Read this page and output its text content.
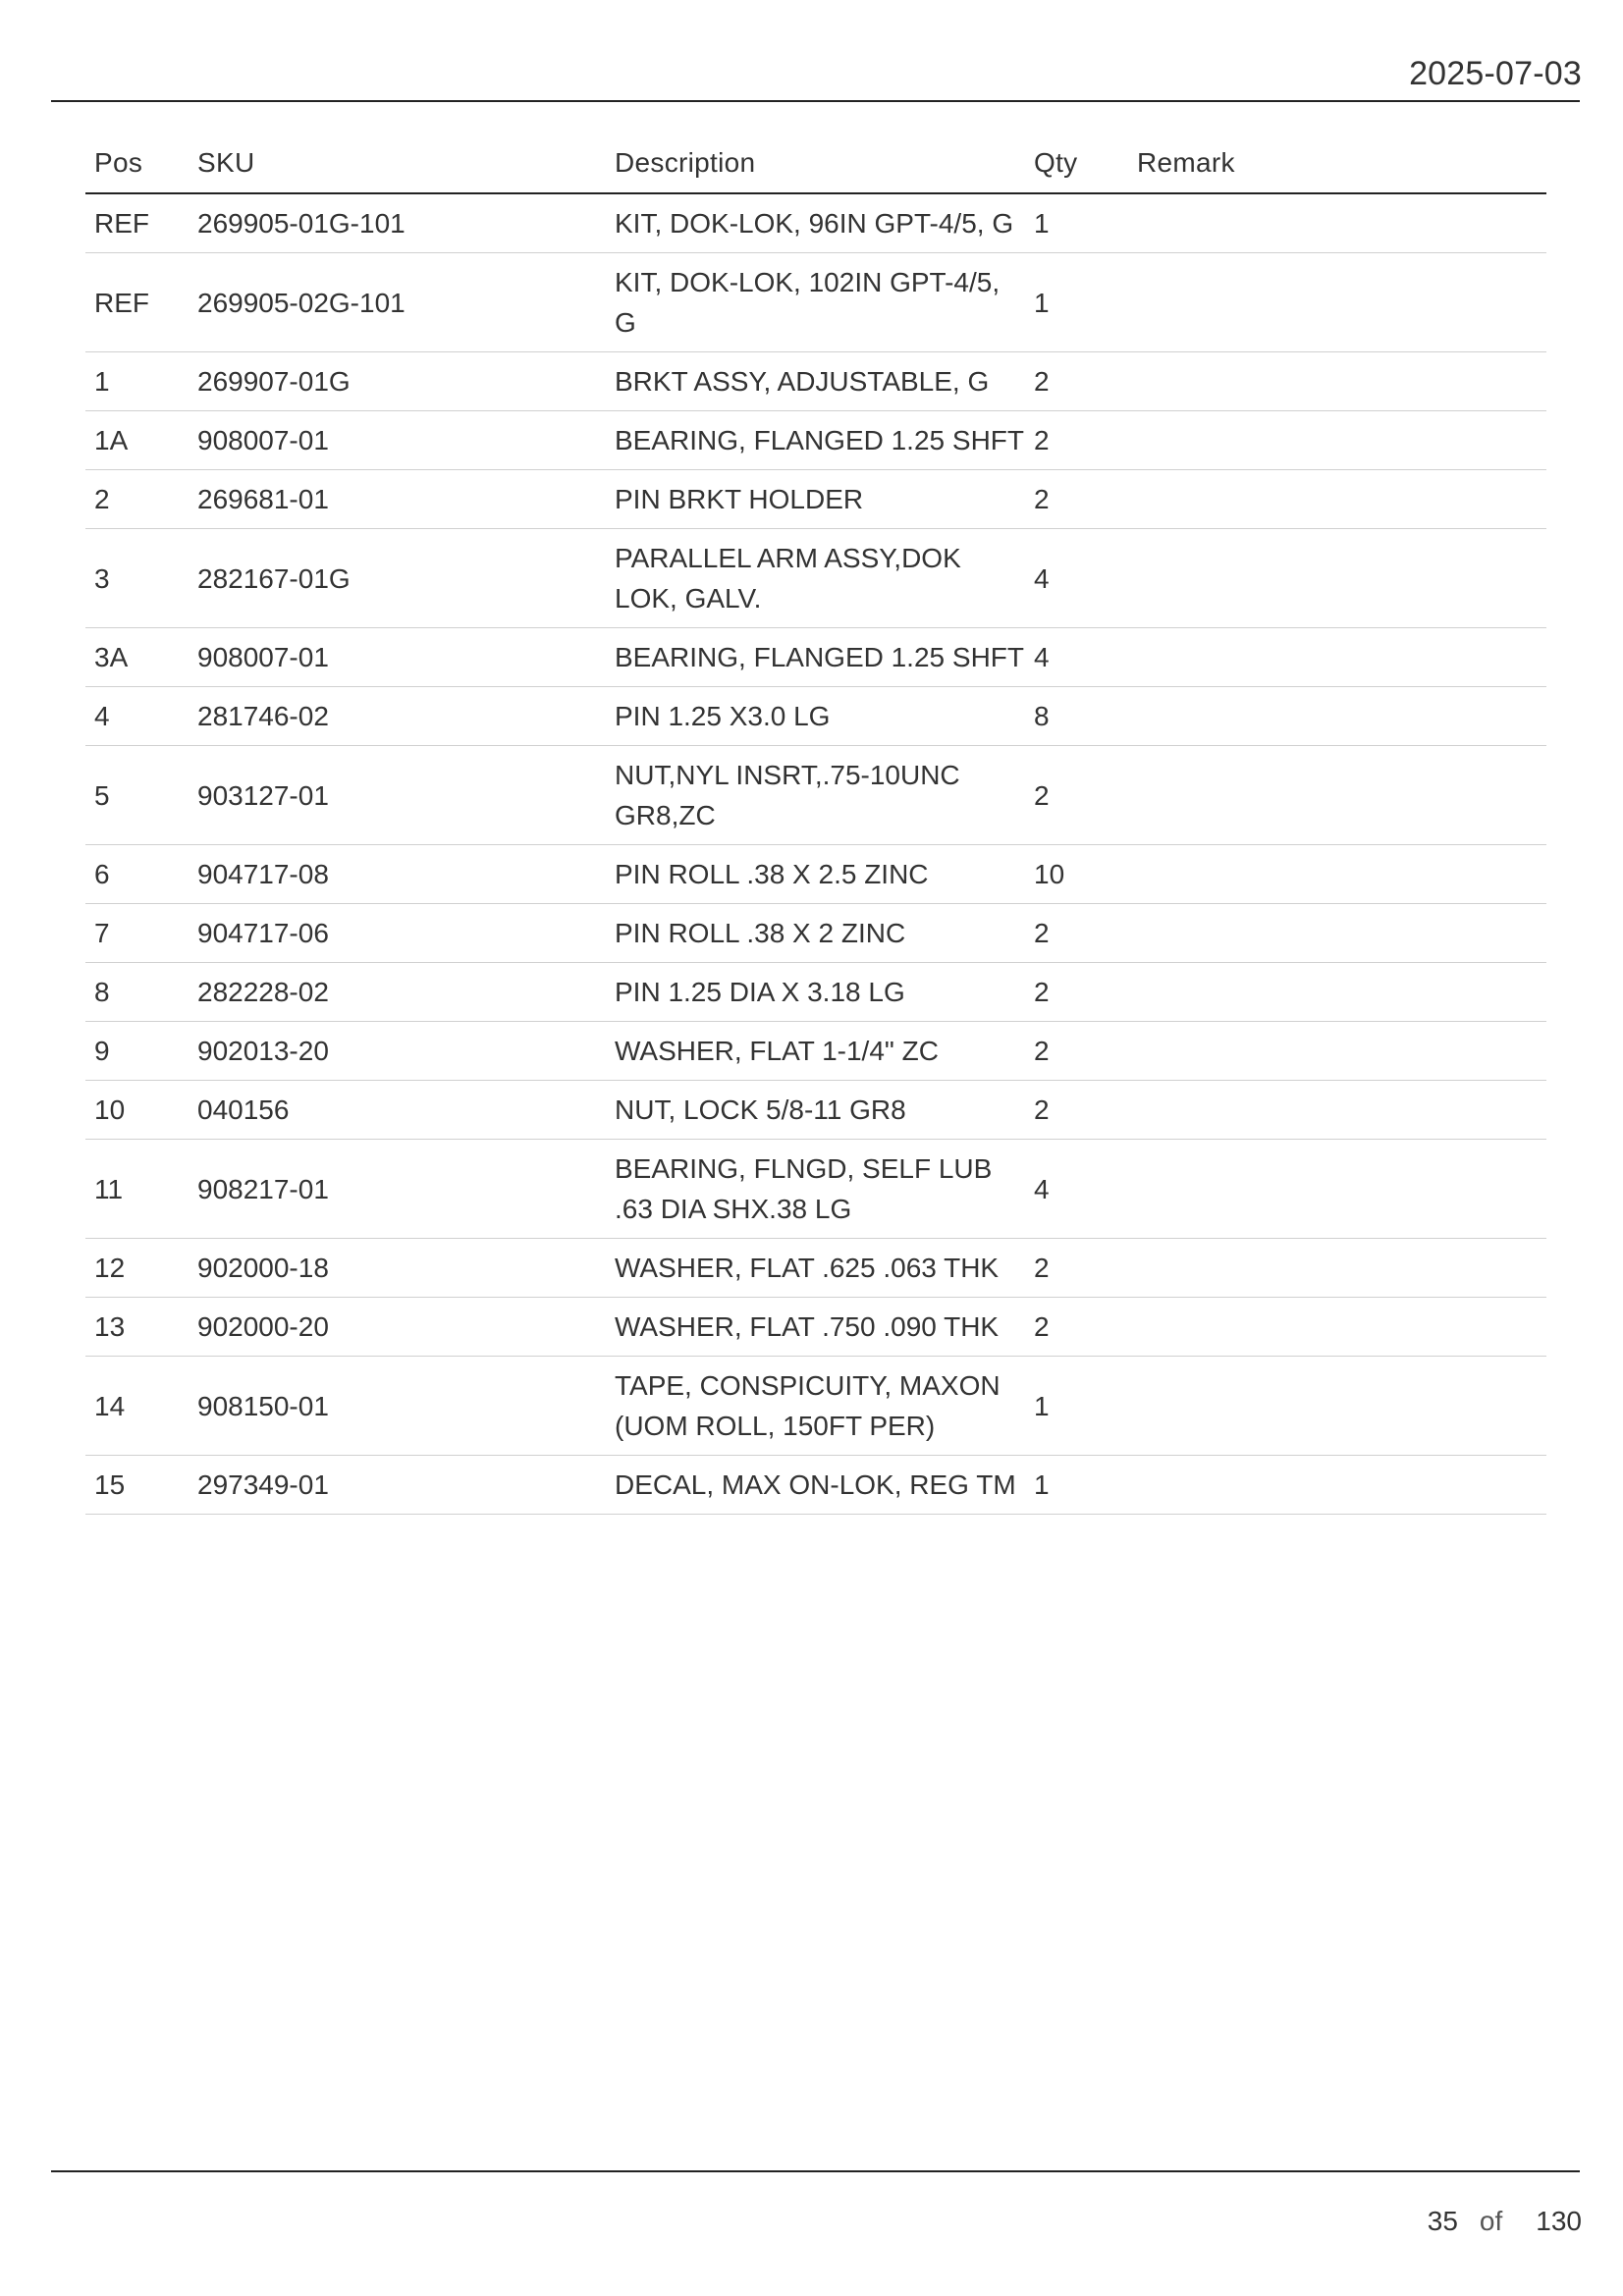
2025-07-03
Pos	SKU	Description	Qty	Remark
REF	269905-01G-101	KIT, DOK-LOK, 96IN GPT-4/5, G	1	
REF	269905-02G-101	KIT, DOK-LOK, 102IN GPT-4/5, G	1	
1	269907-01G	BRKT ASSY, ADJUSTABLE, G	2	
1A	908007-01	BEARING, FLANGED 1.25 SHFT	2	
2	269681-01	PIN BRKT HOLDER	2	
3	282167-01G	PARALLEL ARM ASSY,DOK LOK, GALV.	4	
3A	908007-01	BEARING, FLANGED 1.25 SHFT	4	
4	281746-02	PIN 1.25 X3.0 LG	8	
5	903127-01	NUT,NYL INSRT,.75-10UNC GR8,ZC	2	
6	904717-08	PIN ROLL .38 X 2.5 ZINC	10	
7	904717-06	PIN ROLL .38 X 2 ZINC	2	
8	282228-02	PIN 1.25 DIA X 3.18 LG	2	
9	902013-20	WASHER, FLAT 1-1/4" ZC	2	
10	040156	NUT, LOCK 5/8-11 GR8	2	
11	908217-01	BEARING, FLNGD, SELF LUB .63 DIA SHX.38 LG	4	
12	902000-18	WASHER, FLAT .625 .063 THK	2	
13	902000-20	WASHER, FLAT .750 .090 THK	2	
14	908150-01	TAPE, CONSPICUITY, MAXON (UOM ROLL, 150FT PER)	1	
15	297349-01	DECAL, MAX ON-LOK, REG TM	1	
35 of 130
